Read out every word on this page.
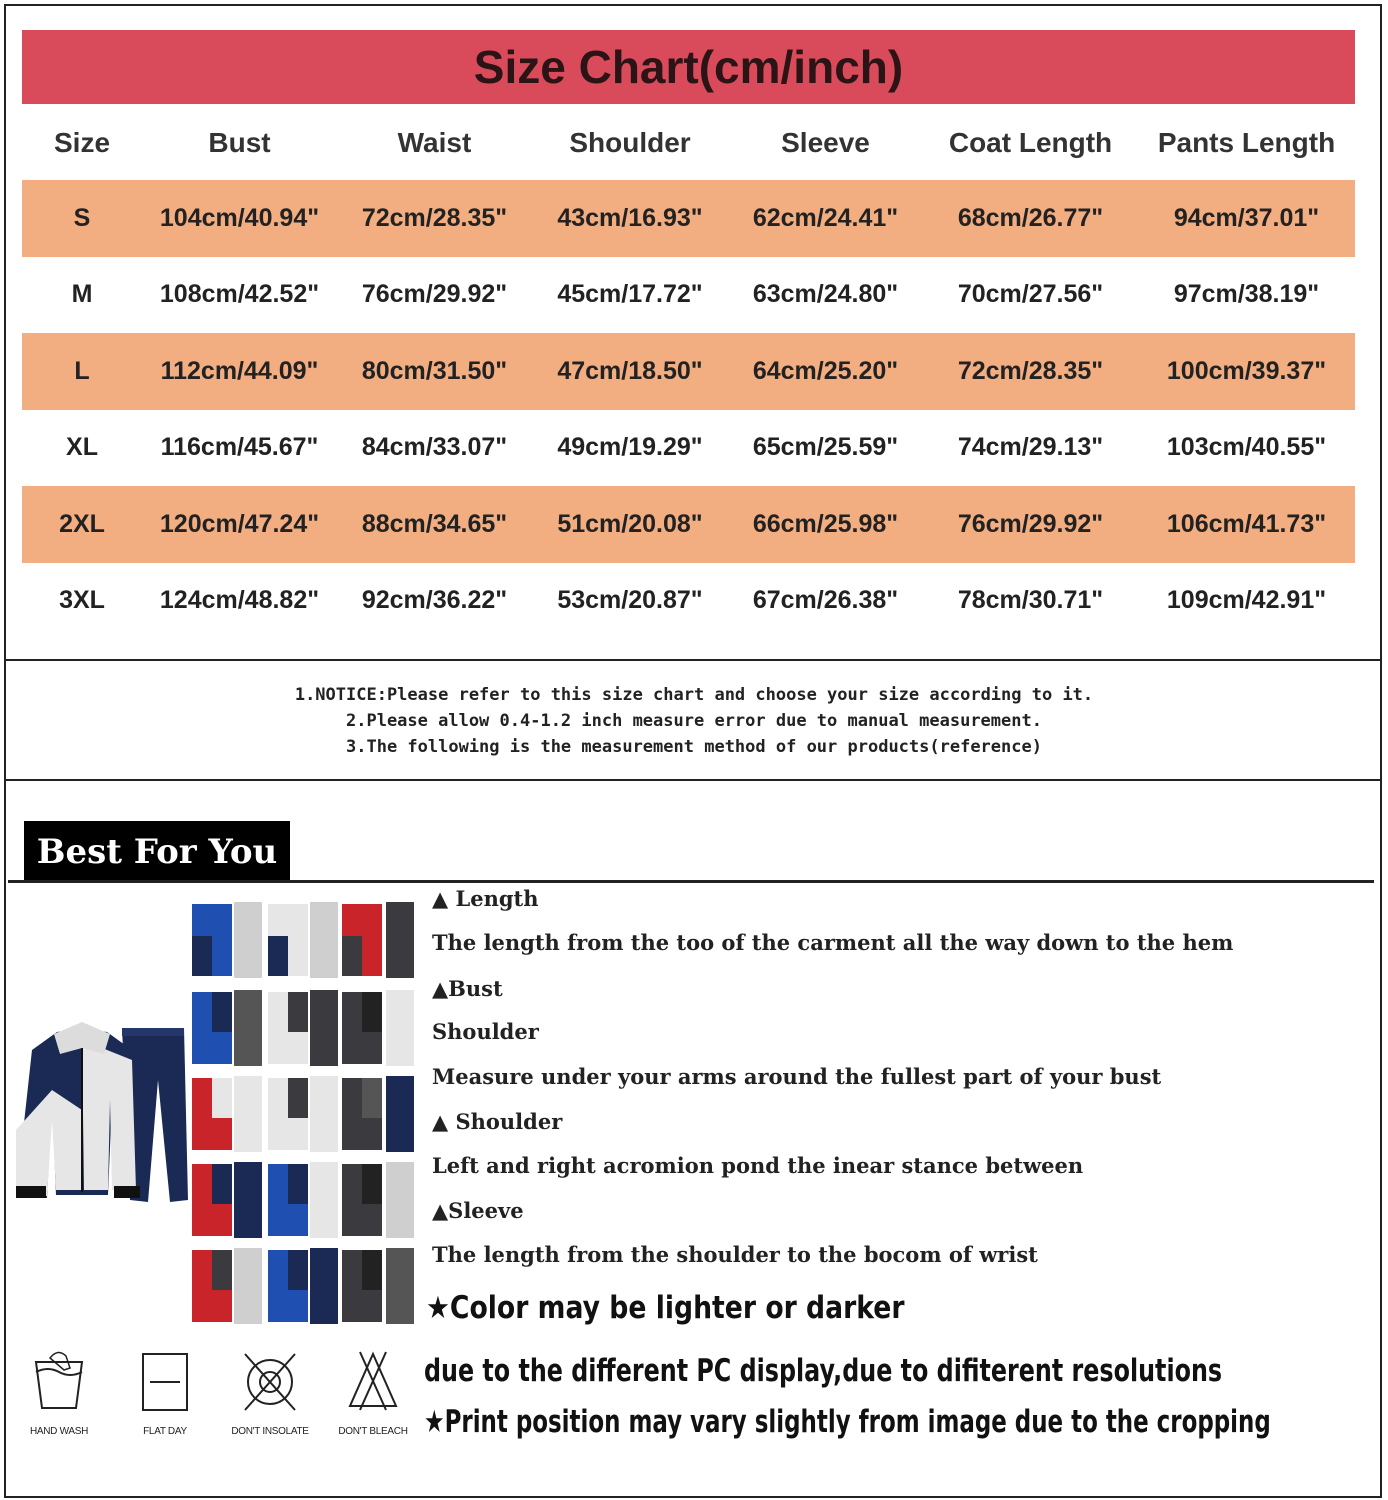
Size Chart(cm/inch)
Size	Bust	Waist	Shoulder	Sleeve	Coat Length	Pants Length
S	104cm/40.94"	72cm/28.35"	43cm/16.93"	62cm/24.41"	68cm/26.77"	94cm/37.01"
M	108cm/42.52"	76cm/29.92"	45cm/17.72"	63cm/24.80"	70cm/27.56"	97cm/38.19"
L	112cm/44.09"	80cm/31.50"	47cm/18.50"	64cm/25.20"	72cm/28.35"	100cm/39.37"
XL	116cm/45.67"	84cm/33.07"	49cm/19.29"	65cm/25.59"	74cm/29.13"	103cm/40.55"
2XL	120cm/47.24"	88cm/34.65"	51cm/20.08"	66cm/25.98"	76cm/29.92"	106cm/41.73"
3XL	124cm/48.82"	92cm/36.22"	53cm/20.87"	67cm/26.38"	78cm/30.71"	109cm/42.91"
1.NOTICE:Please refer to this size chart and choose your size according to it.
2.Please allow 0.4-1.2 inch measure error due to manual measurement.
3.The following is the measurement method of our products(reference)
Best For You
▲ Length
The length from the too of the carment all the way down to the hem
▲Bust
Shoulder
Measure under your arms around the fullest part of your bust
▲ Shoulder
Left and right acromion pond the inear stance between
▲Sleeve
The length from the shoulder to the bocom of wrist
★Color may be lighter or darker
due to the different PC display,due to difiterent resolutions
★Print position may vary slightly from image due to the cropping
HAND WASH	FLAT DAY	DON'T INSOLATE	DON'T BLEACH
